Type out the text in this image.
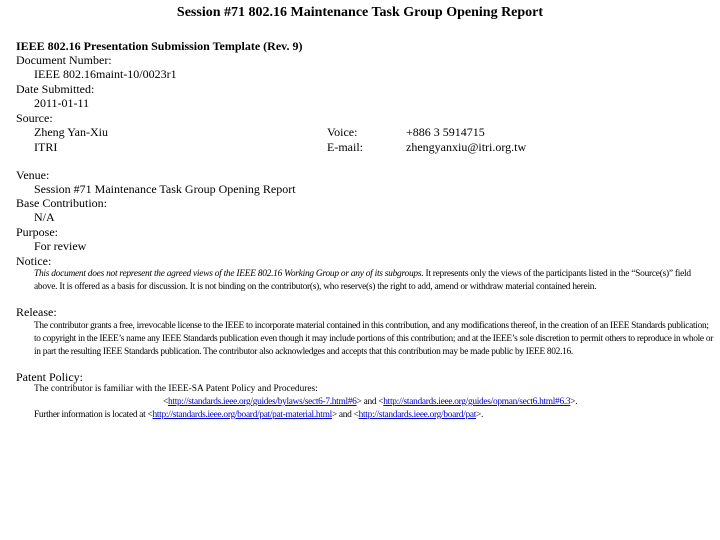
Session #71 802.16 Maintenance Task Group Opening Report
IEEE 802.16 Presentation Submission Template (Rev. 9)
Document Number:
IEEE 802.16maint-10/0023r1
Date Submitted:
2011-01-11
Source:
Zheng Yan-Xiu
ITRI
Voice:	+886 3 5914715
E-mail:	zhengyanxiu@itri.org.tw
Venue:
Session #71 Maintenance Task Group Opening Report
Base Contribution:
N/A
Purpose:
For review
Notice:
This document does not represent the agreed views of the IEEE 802.16 Working Group or any of its subgroups. It represents only the views of the participants listed in the “Source(s)” field above. It is offered as a basis for discussion. It is not binding on the contributor(s), who reserve(s) the right to add, amend or withdraw material contained herein.
Release:
The contributor grants a free, irrevocable license to the IEEE to incorporate material contained in this contribution, and any modifications thereof, in the creation of an IEEE Standards publication; to copyright in the IEEE’s name any IEEE Standards publication even though it may include portions of this contribution; and at the IEEE’s sole discretion to permit others to reproduce in whole or in part the resulting IEEE Standards publication. The contributor also acknowledges and accepts that this contribution may be made public by IEEE 802.16.
Patent Policy:
The contributor is familiar with the IEEE-SA Patent Policy and Procedures:
<http://standards.ieee.org/guides/bylaws/sect6-7.html#6> and <http://standards.ieee.org/guides/opman/sect6.html#6.3>.
Further information is located at <http://standards.ieee.org/board/pat/pat-material.html> and <http://standards.ieee.org/board/pat>.
